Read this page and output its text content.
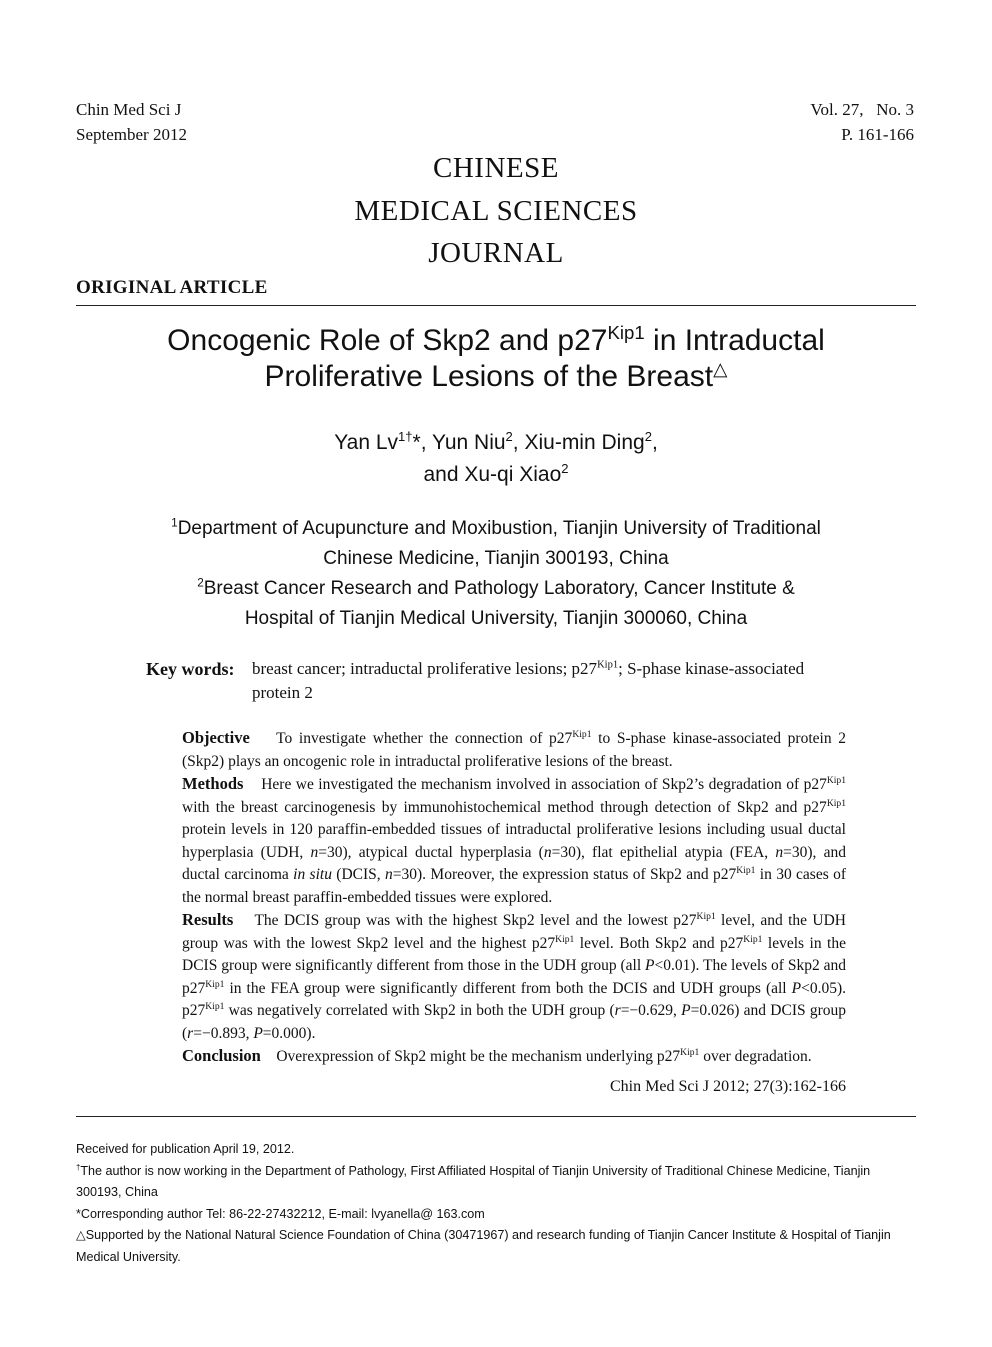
Chin Med Sci J
September 2012
Vol. 27,   No. 3
P. 161-166
CHINESE
MEDICAL SCIENCES
JOURNAL
ORIGINAL ARTICLE
Oncogenic Role of Skp2 and $p27^{Kip1}$ in Intraductal
Proliferative Lesions of the Breast△
Yan $Lv^{1\dagger}*$, Yun Niu$^2$, Xiu-min Ding$^2$,
and Xu-qi Xiao$^2$
$^1$Department of Acupuncture and Moxibustion, Tianjin University of Traditional
Chinese Medicine, Tianjin 300193, China
$^2$Breast Cancer Research and Pathology Laboratory, Cancer Institute &
Hospital of Tianjin Medical University, Tianjin 300060, China
Key words: breast cancer; intraductal proliferative lesions; $p27^{Kip1}$; S-phase kinase-associated protein 2
Objective To investigate whether the connection of $p27^{Kip1}$ to S-phase kinase-associated protein 2 (Skp2) plays an oncogenic role in intraductal proliferative lesions of the breast.
Methods Here we investigated the mechanism involved in association of Skp2’s degradation of $p27^{Kip1}$ with the breast carcinogenesis by immunohistochemical method through detection of Skp2 and $p27^{Kip1}$ protein levels in 120 paraffin-embedded tissues of intraductal proliferative lesions including usual ductal hyperplasia (UDH, n=30), atypical ductal hyperplasia (n=30), flat epithelial atypia (FEA, n=30), and ductal carcinoma in situ (DCIS, n=30). Moreover, the expression status of Skp2 and $p27^{Kip1}$ in 30 cases of the normal breast paraffin-embedded tissues were explored.
Results The DCIS group was with the highest Skp2 level and the lowest $p27^{Kip1}$ level, and the UDH group was with the lowest Skp2 level and the highest $p27^{Kip1}$ level. Both Skp2 and $p27^{Kip1}$ levels in the DCIS group were significantly different from those in the UDH group (all P<0.01). The levels of Skp2 and $p27^{Kip1}$ in the FEA group were significantly different from both the DCIS and UDH groups (all P<0.05). $p27^{Kip1}$ was negatively correlated with Skp2 in both the UDH group (r=−0.629, P=0.026) and DCIS group (r=−0.893, P=0.000).
Conclusion Overexpression of Skp2 might be the mechanism underlying $p27^{Kip1}$ over degradation.
Chin Med Sci J 2012; 27(3):162-166
Received for publication April 19, 2012.
†The author is now working in the Department of Pathology, First Affiliated Hospital of Tianjin University of Traditional Chinese Medicine, Tianjin 300193, China
*Corresponding author Tel: 86-22-27432212, E-mail: lvyanella@ 163.com
△Supported by the National Natural Science Foundation of China (30471967) and research funding of Tianjin Cancer Institute & Hospital of Tianjin Medical University.
